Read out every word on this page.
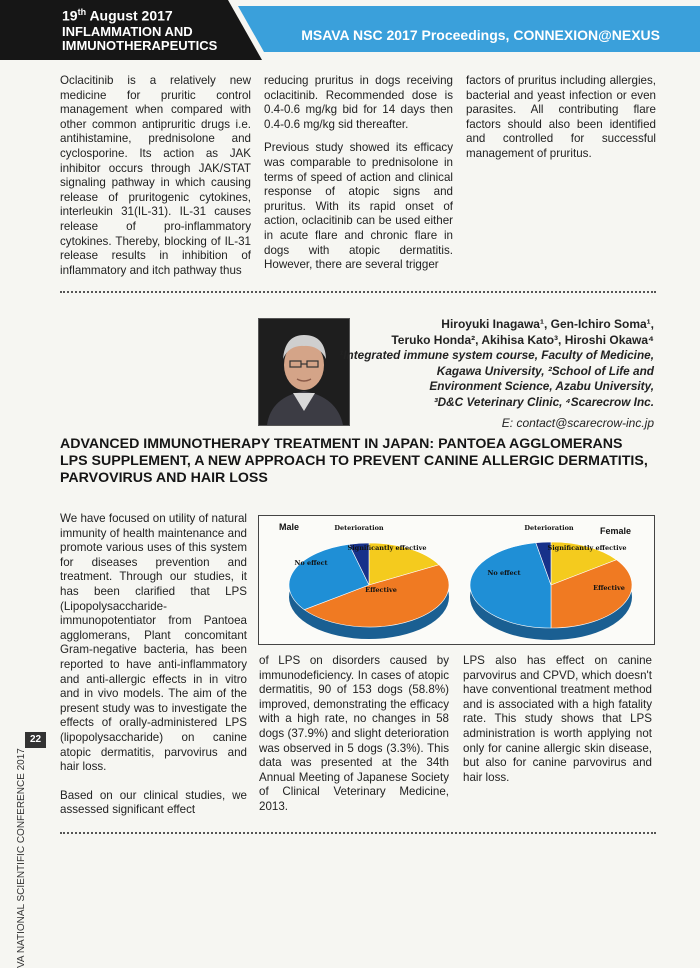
19th August 2017
INFLAMMATION AND IMMUNOTHERAPEUTICS
MSAVA NSC 2017 Proceedings, CONNEXION@NEXUS

Oclacitinib is a relatively new medicine for pruritic control management when compared with other common antipruritic drugs i.e. antihistamine, prednisolone and cyclosporine. Its action as JAK inhibitor occurs through JAK/STAT signaling pathway in which causing release of pruritogenic cytokines, interleukin 31(IL-31). IL-31 causes release of pro-inflammatory cytokines. Thereby, blocking of IL-31 release results in inhibition of inflammatory and itch pathway thus

reducing pruritus in dogs receiving oclacitinib. Recommended dose is 0.4-0.6 mg/kg bid for 14 days then 0.4-0.6 mg/kg sid thereafter.

Previous study showed its efficacy was comparable to prednisolone in terms of speed of action and clinical response of atopic signs and pruritus. With its rapid onset of action, oclacitinib can be used either in acute flare and chronic flare in dogs with atopic dermatitis. However, there are several trigger

factors of pruritus including allergies, bacterial and yeast infection or even parasites. All contributing flare factors should also been identified and controlled for successful management of pruritus.

Hiroyuki Inagawa¹, Gen-Ichiro Soma¹,
Teruko Honda², Akihisa Kato³, Hiroshi Okawa⁴
¹Integrated immune system course, Faculty of Medicine,
Kagawa University, ²School of Life and
Environment Science, Azabu University,
³D&C Veterinary Clinic, ⁴Scarecrow Inc.
E: contact@scarecrow-inc.jp
ADVANCED IMMUNOTHERAPY TREATMENT IN JAPAN: PANTOEA AGGLOMERANS
LPS SUPPLEMENT, A NEW APPROACH TO PREVENT CANINE ALLERGIC DERMATITIS,
PARVOVIRUS AND HAIR LOSS
Significantly effective
Effective
No effect
Deterioration
Male
Significantly effective
Effective
No effect
Deterioration	Female

We have focused on utility of natural immunity of health maintenance and promote various uses of this system for diseases prevention and treatment. Through our studies, it has been clarified that LPS (Lipopolysaccharide-immunopotentiator from Pantoea agglomerans, Plant concomitant Gram-negative bacteria, has been reported to have anti-inflammatory and anti-allergic effects in in vitro and in vivo models. The aim of the present study was to investigate the effects of orally-administered LPS (lipopolysaccharide) on canine atopic dermatitis, parvovirus and hair loss.

Based on our clinical studies, we assessed significant effect

of LPS on disorders caused by immunodeficiency. In cases of atopic dermatitis, 90 of 153 dogs (58.8%) improved, demonstrating the efficacy with a high rate, no changes in 58 dogs (37.9%) and slight deterioration was observed in 5 dogs (3.3%). This data was presented at the 34th Annual Meeting of Japanese Society of Clinical Veterinary Medicine, 2013.

LPS also has effect on canine parvovirus and CPVD, which doesn't have conventional treatment method and is associated with a high fatality rate. This study shows that LPS administration is worth applying not only for canine allergic skin disease, but also for canine parvovirus and hair loss.

22
VA NATIONAL SCIENTIFIC CONFERENCE 2017
